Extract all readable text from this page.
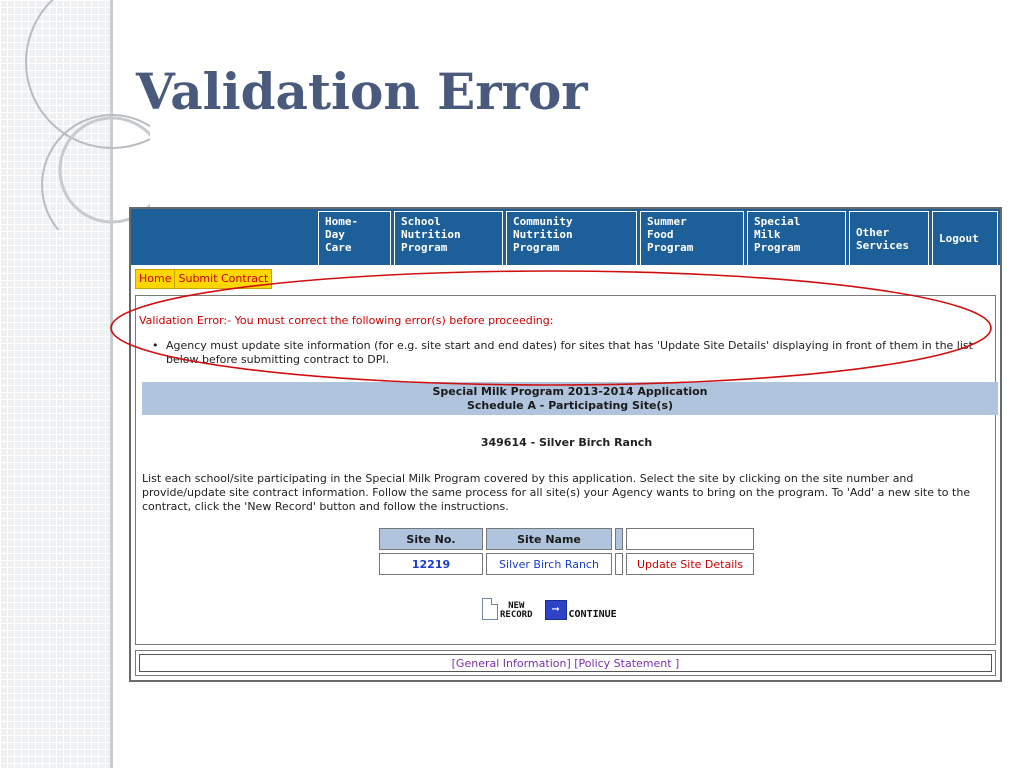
Validation Error
Home-
Day
Care
School
Nutrition
Program
Community
Nutrition
Program
Summer
Food
Program
Special
Milk
Program
Other
Services	Logout
Home Submit Contract
Validation Error:- You must correct the following error(s) before proceeding:
• Agency must update site information (for e.g. site start and end dates) for sites that has 'Update Site Details' displaying in front of them in the list below before submitting contract to DPI.
Special Milk Program 2013-2014 Application
Schedule A - Participating Site(s)
349614 - Silver Birch Ranch
List each school/site participating in the Special Milk Program covered by this application. Select the site by clicking on the site number and provide/update site contract information. Follow the same process for all site(s) your Agency wants to bring on the program. To 'Add' a new site to the contract, click the 'New Record' button and follow the instructions.
Site No.	Site Name		
12219	Silver Birch Ranch		Update Site Details
NEW
RECORD	➞ CONTINUE
[General Information] [Policy Statement ]
